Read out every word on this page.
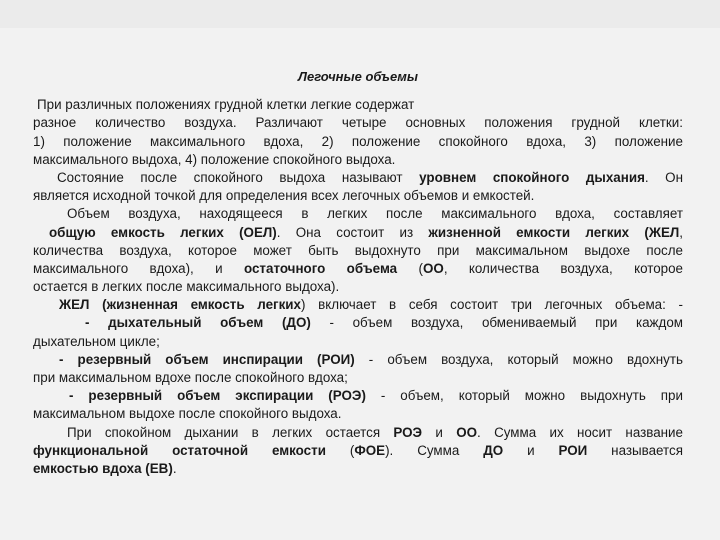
Легочные объемы
При различных положениях грудной клетки легкие содержат
разное количество воздуха. Различают четыре основных положения грудной клетки:
1) положение максимального вдоха, 2) положение спокойного вдоха, 3) положение
максимального выдоха, 4) положение спокойного выдоха.
Состояние после спокойного выдоха называют уровнем спокойного дыхания. Он
является исходной точкой для определения всех легочных объемов и емкостей.
Объем воздуха, находящееся в легких после максимального вдоха, составляет
общую емкость легких (ОЕЛ). Она состоит из жизненной емкости легких (ЖЕЛ,
количества воздуха, которое может быть выдохнуто при максимальном выдохе после
максимального вдоха), и остаточного объема (ОО, количества воздуха, которое
остается в легких после максимального выдоха).
ЖЕЛ (жизненная емкость легких) включает в себя состоит три легочных объема: -
- дыхательный объем (ДО) - объем воздуха, обмениваемый при каждом
дыхательном цикле;
- резервный объем инспирации (РОИ) - объем воздуха, который можно вдохнуть
при максимальном вдохе после спокойного вдоха;
- резервный объем экспирации (РОЭ) - объем, который можно выдохнуть при
максимальном выдохе после спокойного выдоха.
При спокойном дыхании в легких остается РОЭ и ОО. Сумма их носит название
функциональной остаточной емкости (ФОЕ). Сумма ДО и РОИ называется
емкостью вдоха (ЕВ).
